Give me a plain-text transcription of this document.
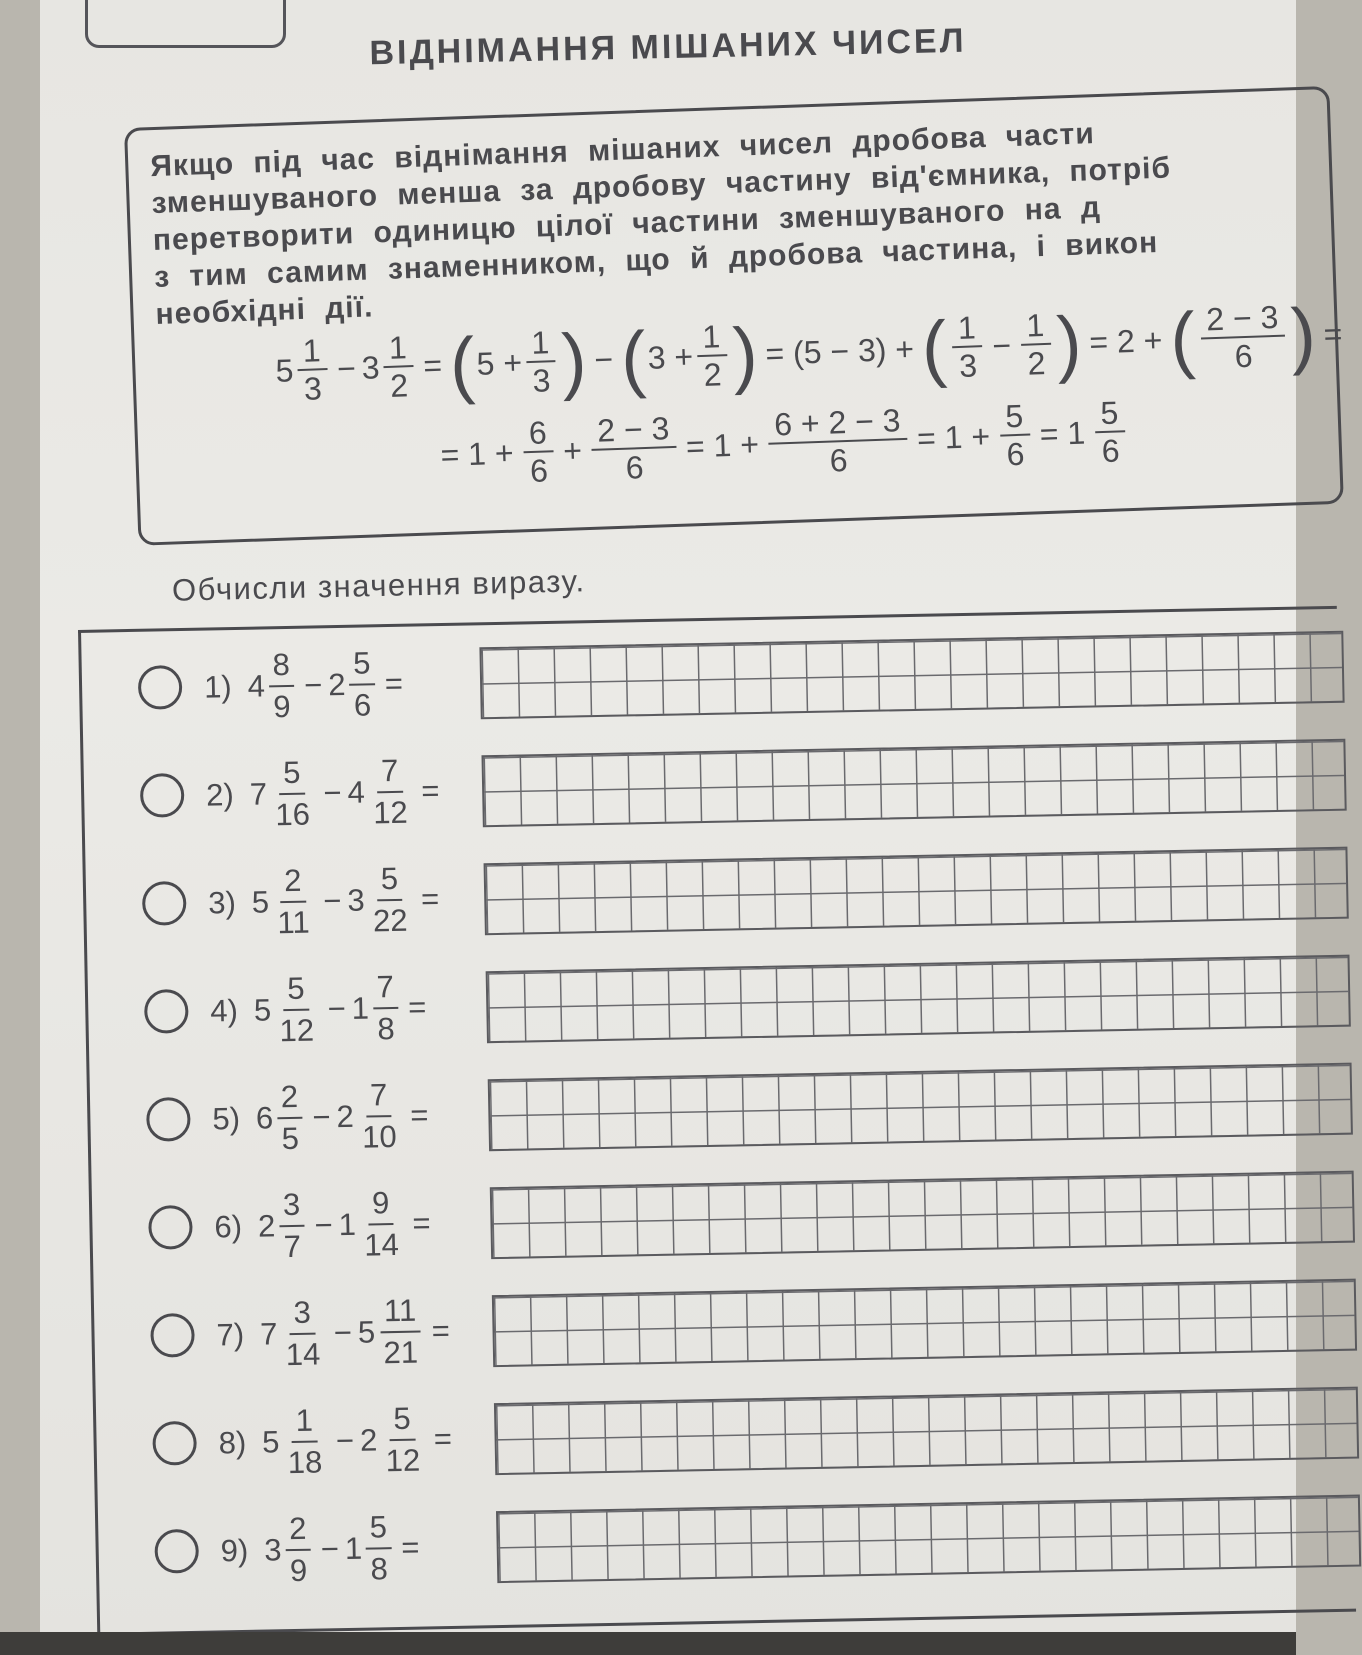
ВІДНІМАННЯ МІШАНИХ ЧИСЕЛ
Якщо під час віднімання мішаних чисел дробова части
зменшуваного менша за дробову частину від'ємника, потріб
перетворити одиницю цілої частини зменшуваного на д
з тим самим знаменником, що й дробова частина, і викон
необхідні дії.
$5 \frac{1}{3} - 3 \frac{1}{2}$ = ( $5 + \frac{1}{3}$ ) − ( $3 + \frac{1}{2}$ ) = (5 − 3) + ( $\frac{1}{3} - \frac{1}{2}$ ) = 2 + ( $\frac{2 - 3}{6}$ ) =
= $1 + \frac{6}{6} + \frac{2 - 3}{6} = 1 + \frac{6 + 2 - 3}{6} = 1 + \frac{5}{6} = 1 \frac{5}{6}$
Обчисли значення виразу.
1) $4 \frac{8}{9} - 2 \frac{5}{6}$ =
2) $7 \frac{5}{16} - 4 \frac{7}{12}$ =
3) $5 \frac{2}{11} - 3 \frac{5}{22}$ =
4) $5 \frac{5}{12} - 1 \frac{7}{8}$ =
5) $6 \frac{2}{5} - 2 \frac{7}{10}$ =
6) $2 \frac{3}{7} - 1 \frac{9}{14}$ =
7) $7 \frac{3}{14} - 5 \frac{11}{21}$ =
8) $5 \frac{1}{18} - 2 \frac{5}{12}$ =
9) $3 \frac{2}{9} - 1 \frac{5}{8}$ =
